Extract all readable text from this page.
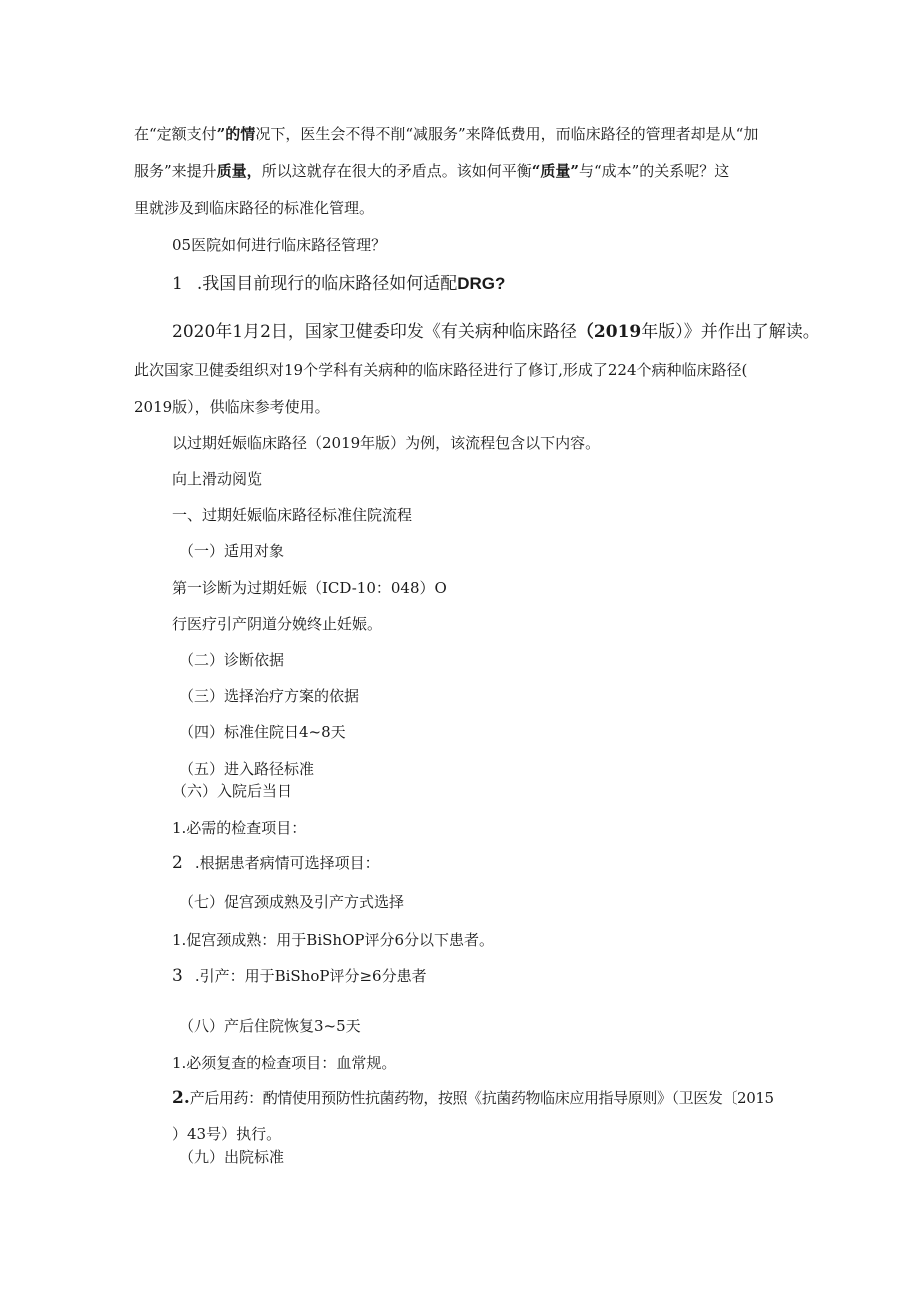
在“定额支付”的情况下，医生会不得不削“减服务”来降低费用，而临床路径的管理者却是从“加
服务”来提升质量，所以这就存在很大的矛盾点。该如何平衡“质量”与“成本”的关系呢？这
里就涉及到临床路径的标准化管理。
05医院如何进行临床路径管理？
1 .我国目前现行的临床路径如何适配DRG?
2020年1月2日，国家卫健委印发《有关病种临床路径（2019年版）》并作出了解读。
此次国家卫健委组织对19个学科有关病种的临床路径进行了修订,形成了224个病种临床路径(
2019版），供临床参考使用。
以过期妊娠临床路径（2019年版）为例，该流程包含以下内容。
向上滑动阅览
一、过期妊娠临床路径标准住院流程
（一）适用对象
第一诊断为过期妊娠（ICD-10：048）O
行医疗引产阴道分娩终止妊娠。
（二）诊断依据
（三）选择治疗方案的依据
（四）标准住院日4~8天
（五）进入路径标准
（六）入院后当日
1.必需的检查项目：
2 .根据患者病情可选择项目：
（七）促宫颈成熟及引产方式选择
1.促宫颈成熟：用于BiShOP评分6分以下患者。
3 .引产：用于BiShoP评分≥6分患者
（八）产后住院恢复3~5天
1.必须复查的检查项目：血常规。
2.产后用药：酌情使用预防性抗菌药物，按照《抗菌药物临床应用指导原则》（卫医发〔2015
）43号）执行。
（九）出院标准
